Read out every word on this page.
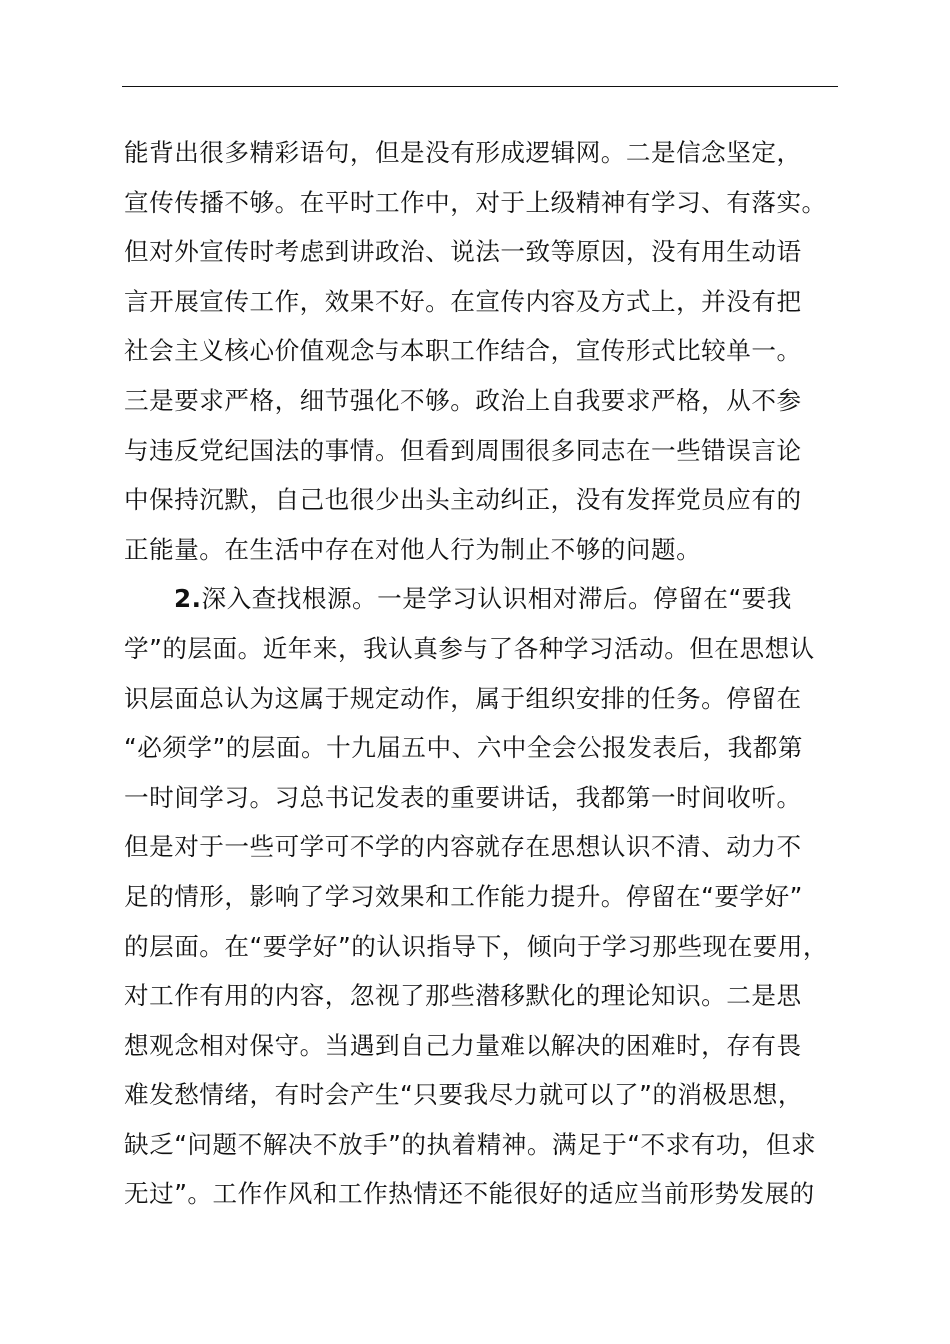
能背出很多精彩语句，但是没有形成逻辑网。二是信念坚定，
宣传传播不够。在平时工作中，对于上级精神有学习、有落实。
但对外宣传时考虑到讲政治、说法一致等原因，没有用生动语
言开展宣传工作，效果不好。在宣传内容及方式上，并没有把
社会主义核心价值观念与本职工作结合，宣传形式比较单一。
三是要求严格，细节强化不够。政治上自我要求严格，从不参
与违反党纪国法的事情。但看到周围很多同志在一些错误言论
中保持沉默，自己也很少出头主动纠正，没有发挥党员应有的
正能量。在生活中存在对他人行为制止不够的问题。
2.深入查找根源。一是学习认识相对滞后。停留在“要我
学”的层面。近年来，我认真参与了各种学习活动。但在思想认
识层面总认为这属于规定动作，属于组织安排的任务。停留在
“必须学”的层面。十九届五中、六中全会公报发表后，我都第
一时间学习。习总书记发表的重要讲话，我都第一时间收听。
但是对于一些可学可不学的内容就存在思想认识不清、动力不
足的情形，影响了学习效果和工作能力提升。停留在“要学好”
的层面。在“要学好”的认识指导下，倾向于学习那些现在要用，
对工作有用的内容，忽视了那些潜移默化的理论知识。二是思
想观念相对保守。当遇到自己力量难以解决的困难时，存有畏
难发愁情绪，有时会产生“只要我尽力就可以了”的消极思想，
缺乏“问题不解决不放手”的执着精神。满足于“不求有功，但求
无过”。工作作风和工作热情还不能很好的适应当前形势发展的
